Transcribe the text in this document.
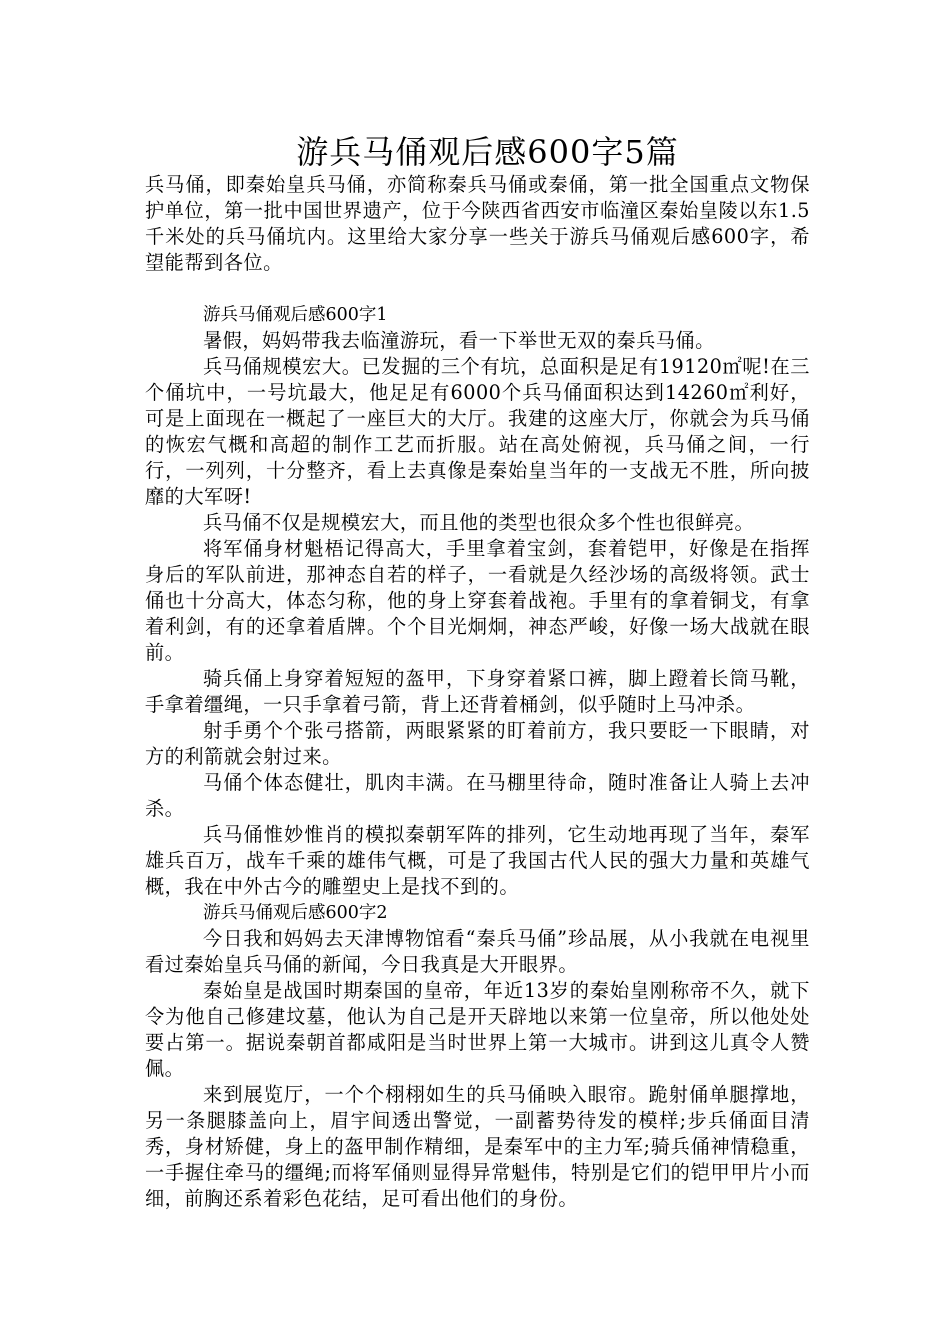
游兵马俑观后感600字5篇

兵马俑，即秦始皇兵马俑，亦简称秦兵马俑或秦俑，第一批全国重点文物保护单位，第一批中国世界遗产，位于今陕西省西安市临潼区秦始皇陵以东1.5千米处的兵马俑坑内。这里给大家分享一些关于游兵马俑观后感600字，希望能帮到各位。

游兵马俑观后感600字1

暑假，妈妈带我去临潼游玩，看一下举世无双的秦兵马俑。

兵马俑规模宏大。已发掘的三个有坑，总面积是足有19120㎡呢!在三个俑坑中，一号坑最大，他足足有6000个兵马俑面积达到14260㎡利好，可是上面现在一概起了一座巨大的大厅。我建的这座大厅，你就会为兵马俑的恢宏气概和高超的制作工艺而折服。站在高处俯视，兵马俑之间，一行行，一列列，十分整齐，看上去真像是秦始皇当年的一支战无不胜，所向披靡的大军呀!

兵马俑不仅是规模宏大，而且他的类型也很众多个性也很鲜亮。

将军俑身材魁梧记得高大，手里拿着宝剑，套着铠甲，好像是在指挥身后的军队前进，那神态自若的样子，一看就是久经沙场的高级将领。武士俑也十分高大，体态匀称，他的身上穿套着战袍。手里有的拿着铜戈，有拿着利剑，有的还拿着盾牌。个个目光炯炯，神态严峻，好像一场大战就在眼前。

骑兵俑上身穿着短短的盔甲，下身穿着紧口裤，脚上蹬着长筒马靴，手拿着缰绳，一只手拿着弓箭，背上还背着桶剑，似乎随时上马冲杀。

射手勇个个张弓搭箭，两眼紧紧的盯着前方，我只要眨一下眼睛，对方的利箭就会射过来。

马俑个体态健壮，肌肉丰满。在马棚里待命，随时准备让人骑上去冲杀。

兵马俑惟妙惟肖的模拟秦朝军阵的排列，它生动地再现了当年，秦军雄兵百万，战车千乘的雄伟气概，可是了我国古代人民的强大力量和英雄气概，我在中外古今的雕塑史上是找不到的。

游兵马俑观后感600字2

今日我和妈妈去天津博物馆看“秦兵马俑”珍品展，从小我就在电视里看过秦始皇兵马俑的新闻，今日我真是大开眼界。

秦始皇是战国时期秦国的皇帝，年近13岁的秦始皇刚称帝不久，就下令为他自己修建坟墓，他认为自己是开天辟地以来第一位皇帝，所以他处处要占第一。据说秦朝首都咸阳是当时世界上第一大城市。讲到这儿真令人赞佩。

来到展览厅，一个个栩栩如生的兵马俑映入眼帘。跪射俑单腿撑地，另一条腿膝盖向上，眉宇间透出警觉，一副蓄势待发的模样;步兵俑面目清秀，身材矫健，身上的盔甲制作精细，是秦军中的主力军;骑兵俑神情稳重，一手握住牵马的缰绳;而将军俑则显得异常魁伟，特别是它们的铠甲甲片小而细，前胸还系着彩色花结，足可看出他们的身份。
